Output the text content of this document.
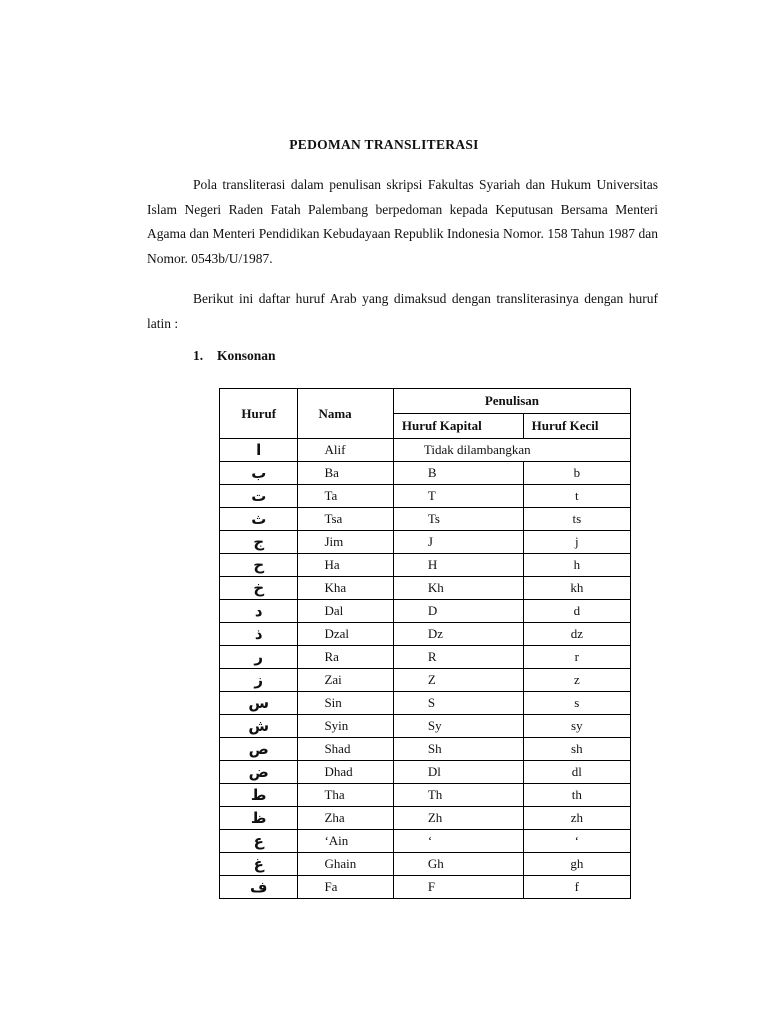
PEDOMAN TRANSLITERASI
Pola transliterasi dalam penulisan skripsi Fakultas Syariah dan Hukum Universitas Islam Negeri Raden Fatah Palembang berpedoman kepada Keputusan Bersama Menteri Agama dan Menteri Pendidikan Kebudayaan Republik Indonesia Nomor. 158 Tahun 1987 dan Nomor. 0543b/U/1987.
Berikut ini daftar huruf Arab yang dimaksud dengan transliterasinya dengan huruf latin :
1. Konsonan
Huruf	Nama	Penulisan	
		Huruf Kapital	Huruf Kecil
ا	Alif	Tidak dilambangkan	
ب	Ba	B	b
ت	Ta	T	t
ث	Tsa	Ts	ts
ج	Jim	J	j
ح	Ha	H	h
خ	Kha	Kh	kh
د	Dal	D	d
ذ	Dzal	Dz	dz
ر	Ra	R	r
ز	Zai	Z	z
س	Sin	S	s
ش	Syin	Sy	sy
ص	Shad	Sh	sh
ض	Dhad	Dl	dl
ط	Tha	Th	th
ظ	Zha	Zh	zh
ع	‘Ain	‘	‘
غ	Ghain	Gh	gh
ف	Fa	F	f
